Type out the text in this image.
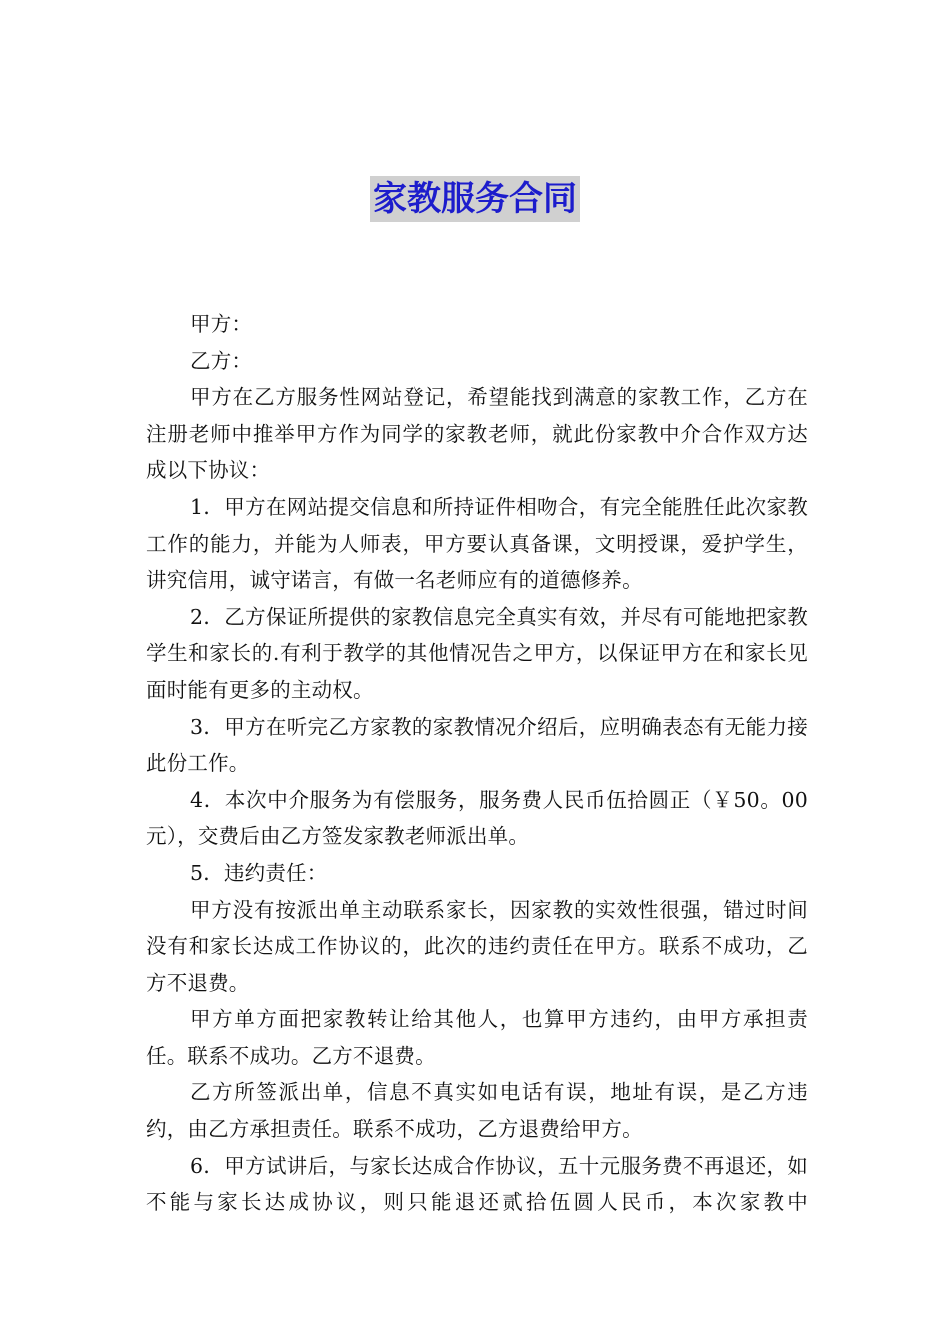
家教服务合同

甲方：

乙方：

甲方在乙方服务性网站登记，希望能找到满意的家教工作，乙方在注册老师中推举甲方作为同学的家教老师，就此份家教中介合作双方达成以下协议：

1．甲方在网站提交信息和所持证件相吻合，有完全能胜任此次家教工作的能力，并能为人师表，甲方要认真备课，文明授课，爱护学生，讲究信用，诚守诺言，有做一名老师应有的道德修养。

2．乙方保证所提供的家教信息完全真实有效，并尽有可能地把家教学生和家长的.有利于教学的其他情况告之甲方，以保证甲方在和家长见面时能有更多的主动权。

3．甲方在听完乙方家教的家教情况介绍后，应明确表态有无能力接此份工作。

4．本次中介服务为有偿服务，服务费人民币伍拾圆正（￥50。00元），交费后由乙方签发家教老师派出单。

5．违约责任：

甲方没有按派出单主动联系家长，因家教的实效性很强，错过时间没有和家长达成工作协议的，此次的违约责任在甲方。联系不成功，乙方不退费。

甲方单方面把家教转让给其他人，也算甲方违约，由甲方承担责任。联系不成功。乙方不退费。

乙方所签派出单，信息不真实如电话有误，地址有误，是乙方违约，由乙方承担责任。联系不成功，乙方退费给甲方。

6．甲方试讲后，与家长达成合作协议，五十元服务费不再退还，如不能与家长达成协议，则只能退还贰拾伍圆人民币，本次家教中
